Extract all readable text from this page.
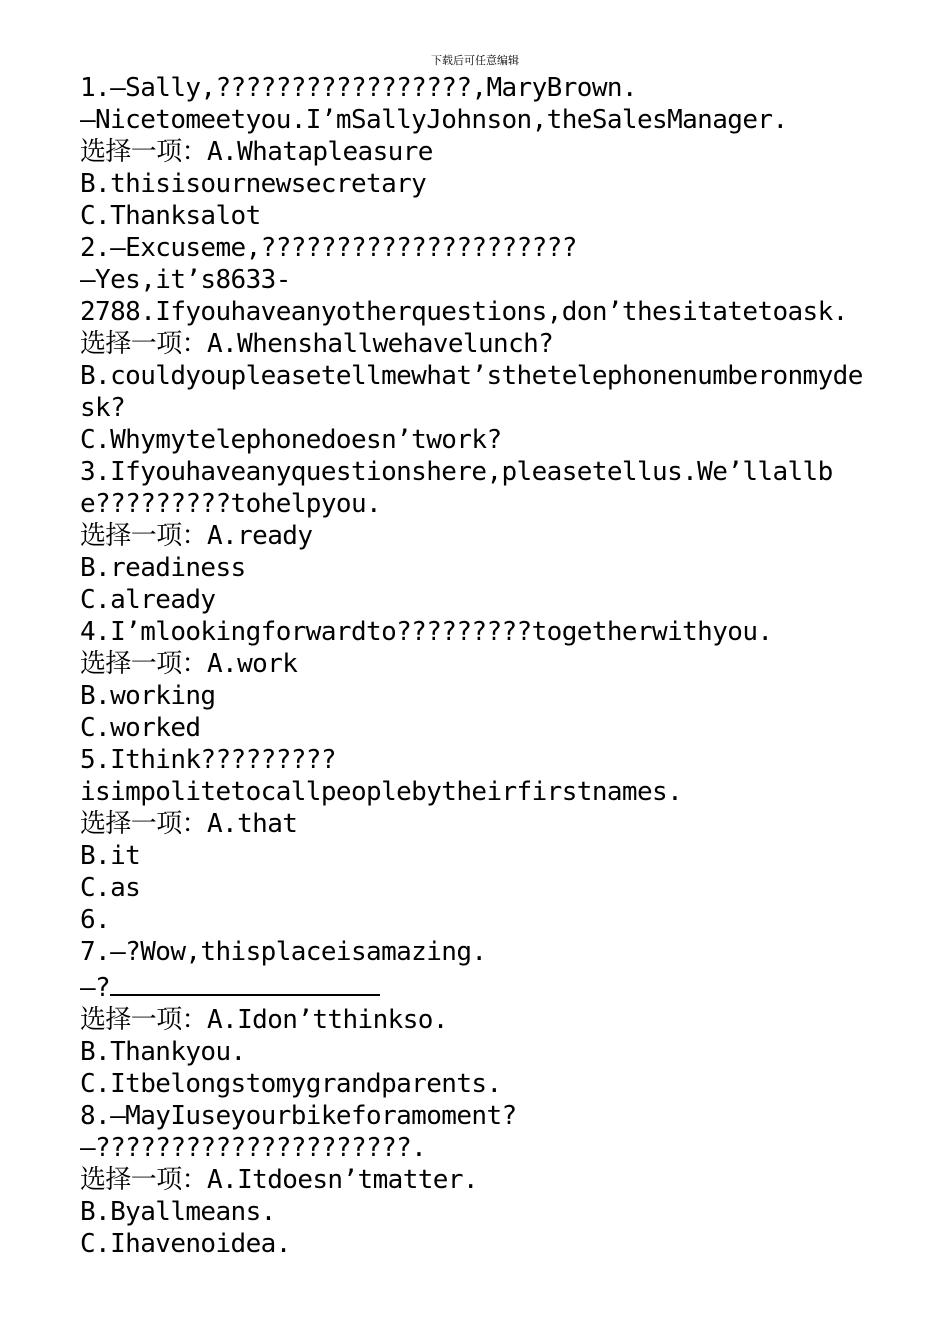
下载后可任意编辑
1.—Sally,?????????????????,MaryBrown.
—Nicetomeetyou.I’mSallyJohnson,theSalesManager.
选择一项：A.Whatapleasure
B.thisisournewsecretary
C.Thanksalot
2.—Excuseme,?????????????????????
—Yes,it’s8633-
2788.Ifyouhaveanyotherquestions,don’thesitatetoask.
选择一项：A.Whenshallwehavelunch?
B.couldyoupleasetellmewhat’sthetelephonenumberonmydesk?
C.Whymytelephonedoesn’twork?
3.Ifyouhaveanyquestionshere,pleasetellus.We’llallbe?????????tohelpyou.
选择一项：A.ready
B.readiness
C.already
4.I’mlookingforwardto?????????togetherwithyou.
选择一项：A.work
B.working
C.worked
5.Ithink?????????
isimpolitetocallpeoplebytheirfirstnames.
选择一项：A.that
B.it
C.as
6.
7.—?Wow,thisplaceisamazing.
—?
选择一项：A.Idon’tthinkso.
B.Thankyou.
C.Itbelongstomygrandparents.
8.—MayIuseyourbikeforamoment?
—?????????????????????.
选择一项：A.Itdoesn’tmatter.
B.Byallmeans.
C.Ihavenoidea.
